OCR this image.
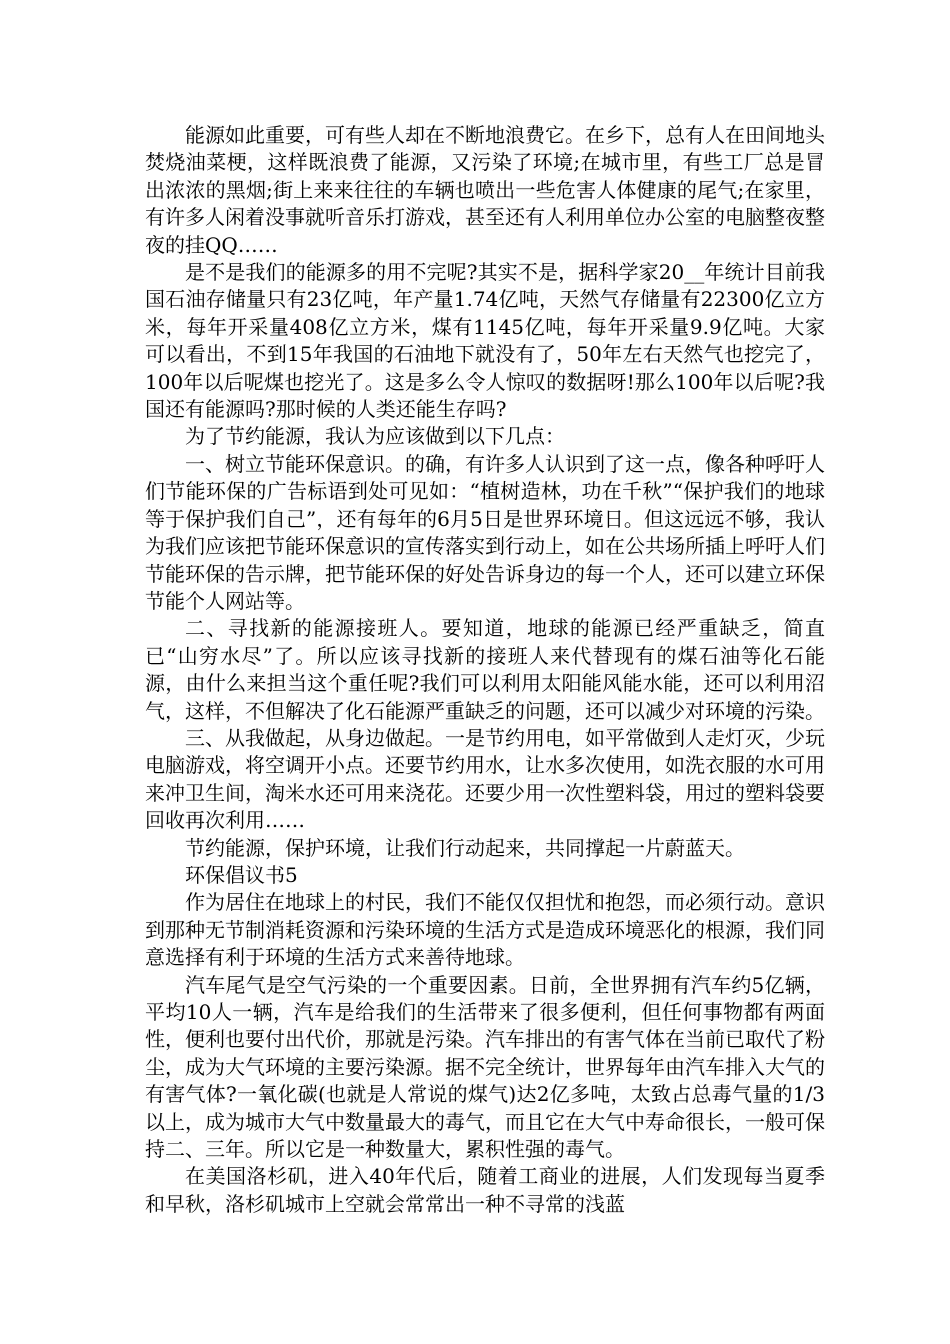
能源如此重要，可有些人却在不断地浪费它。在乡下，总有人在田间地头焚烧油菜梗，这样既浪费了能源，又污染了环境;在城市里，有些工厂总是冒出浓浓的黑烟;街上来来往往的车辆也喷出一些危害人体健康的尾气;在家里，有许多人闲着没事就听音乐打游戏，甚至还有人利用单位办公室的电脑整夜整夜的挂QQ……

是不是我们的能源多的用不完呢?其实不是，据科学家20__年统计目前我国石油存储量只有23亿吨，年产量1.74亿吨，天然气存储量有22300亿立方米，每年开采量408亿立方米，煤有1145亿吨，每年开采量9.9亿吨。大家可以看出，不到15年我国的石油地下就没有了，50年左右天然气也挖完了，100年以后呢煤也挖光了。这是多么令人惊叹的数据呀!那么100年以后呢?我国还有能源吗?那时候的人类还能生存吗?

为了节约能源，我认为应该做到以下几点：

一、树立节能环保意识。的确，有许多人认识到了这一点，像各种呼吁人们节能环保的广告标语到处可见如：“植树造林，功在千秋”“保护我们的地球等于保护我们自己”，还有每年的6月5日是世界环境日。但这远远不够，我认为我们应该把节能环保意识的宣传落实到行动上，如在公共场所插上呼吁人们节能环保的告示牌，把节能环保的好处告诉身边的每一个人，还可以建立环保节能个人网站等。

二、寻找新的能源接班人。要知道，地球的能源已经严重缺乏，简直已“山穷水尽”了。所以应该寻找新的接班人来代替现有的煤石油等化石能源，由什么来担当这个重任呢?我们可以利用太阳能风能水能，还可以利用沼气，这样，不但解决了化石能源严重缺乏的问题，还可以减少对环境的污染。

三、从我做起，从身边做起。一是节约用电，如平常做到人走灯灭，少玩电脑游戏，将空调开小点。还要节约用水，让水多次使用，如洗衣服的水可用来冲卫生间，淘米水还可用来浇花。还要少用一次性塑料袋，用过的塑料袋要回收再次利用……

节约能源，保护环境，让我们行动起来，共同撑起一片蔚蓝天。

环保倡议书5

作为居住在地球上的村民，我们不能仅仅担忧和抱怨，而必须行动。意识到那种无节制消耗资源和污染环境的生活方式是造成环境恶化的根源，我们同意选择有利于环境的生活方式来善待地球。

汽车尾气是空气污染的一个重要因素。日前，全世界拥有汽车约5亿辆，平均10人一辆，汽车是给我们的生活带来了很多便利，但任何事物都有两面性，便利也要付出代价，那就是污染。汽车排出的有害气体在当前已取代了粉尘，成为大气环境的主要污染源。据不完全统计，世界每年由汽车排入大气的有害气体?一氧化碳(也就是人常说的煤气)达2亿多吨，太致占总毒气量的1/3以上，成为城市大气中数量最大的毒气，而且它在大气中寿命很长，一般可保持二、三年。所以它是一种数量大，累积性强的毒气。

在美国洛杉矶，进入40年代后，随着工商业的进展，人们发现每当夏季和早秋，洛杉矶城市上空就会常常出一种不寻常的浅蓝
